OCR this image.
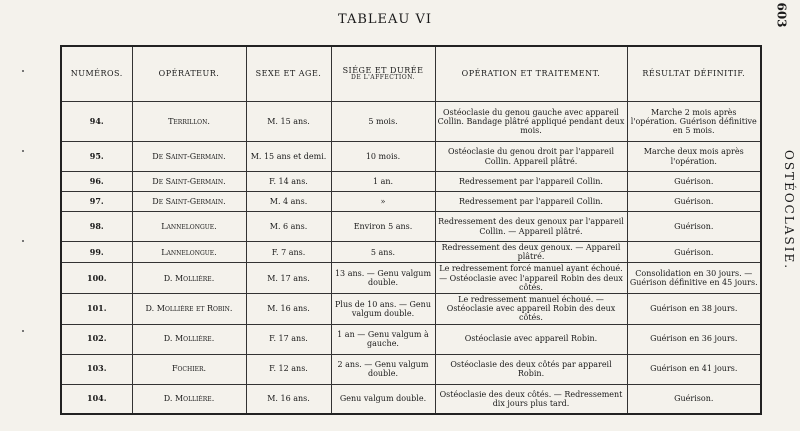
TABLEAU VI	603
OSTÉOCLASIE.
NUMÉROS.	OPÉRATEUR.	SEXE ET AGE.	SIÉGE ET DURÉE
DE L'AFFECTION.	OPÉRATION ET TRAITEMENT.	RÉSULTAT DÉFINITIF.
94.	Terrillon.	M. 15 ans.	5 mois.	Ostéoclasie du genou gauche avec appareil Collin. Bandage plâtré appliqué pendant deux mois.	Marche 2 mois après l'opération. Guérison définitive en 5 mois.
95.	De Saint-Germain.	M. 15 ans et demi.	10 mois.	Ostéoclasie du genou droit par l'appareil Collin. Appareil plâtré.	Marche deux mois après l'opération.
96.	De Saint-Germain.	F. 14 ans.	1 an.	Redressement par l'appareil Collin.	Guérison.
97.	De Saint-Germain.	M. 4 ans.	»	Redressement par l'appareil Collin.	Guérison.
98.	Lannelongue.	M. 6 ans.	Environ 5 ans.	Redressement des deux genoux par l'appareil Collin. — Appareil plâtré.	Guérison.
99.	Lannelongue.	F. 7 ans.	5 ans.	Redressement des deux genoux. — Appareil plâtré.	Guérison.
100.	D. Mollière.	M. 17 ans.	13 ans. — Genu valgum double.	Le redressement forcé manuel ayant échoué. — Ostéoclasie avec l'appareil Robin des deux côtés.	Consolidation en 30 jours. — Guérison définitive en 45 jours.
101.	D. Mollière et Robin.	M. 16 ans.	Plus de 10 ans. — Genu valgum double.	Le redressement manuel échoué. — Ostéoclasie avec appareil Robin des deux côtés.	Guérison en 38 jours.
102.	D. Mollière.	F. 17 ans.	1 an — Genu valgum à gauche.	Ostéoclasie avec appareil Robin.	Guérison en 36 jours.
103.	Fochier.	F. 12 ans.	2 ans. — Genu valgum double.	Ostéoclasie des deux côtés par appareil Robin.	Guérison en 41 jours.
104.	D. Mollière.	M. 16 ans.	Genu valgum double.	Ostéoclasie des deux côtés. — Redressement dix jours plus tard.	Guérison.
